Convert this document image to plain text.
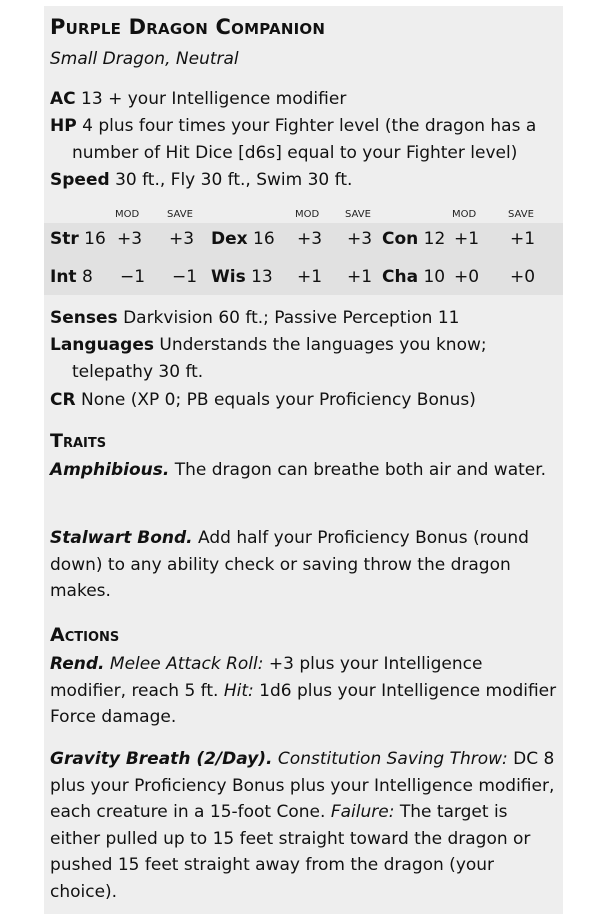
Purple Dragon Companion
Small Dragon, Neutral
AC 13 + your Intelligence modifier
HP 4 plus four times your Fighter level (the dragon has a
number of Hit Dice [d6s] equal to your Fighter level)
Speed 30 ft., Fly 30 ft., Swim 30 ft.
MOD	SAVE	MOD	SAVE	MOD	SAVE
Str 16 +3 +3 Dex 16 +3 +3 Con 12 +1 +1
Int 8 −1 −1 Wis 13 +1 +1 Cha 10 +0 +0
Senses Darkvision 60 ft.; Passive Perception 11
Languages Understands the languages you know;
telepathy 30 ft.
CR None (XP 0; PB equals your Proficiency Bonus)
Traits
Amphibious. The dragon can breathe both air and water.
Stalwart Bond. Add half your Proficiency Bonus (round down) to any ability check or saving throw the dragon makes.
Actions
Rend. Melee Attack Roll: +3 plus your Intelligence modifier, reach 5 ft. Hit: 1d6 plus your Intelligence modifier Force damage.
Gravity Breath (2/Day). Constitution Saving Throw: DC 8 plus your Proficiency Bonus plus your Intelligence modifier, each creature in a 15-foot Cone. Failure: The target is either pulled up to 15 feet straight toward the dragon or pushed 15 feet straight away from the dragon (your choice).
